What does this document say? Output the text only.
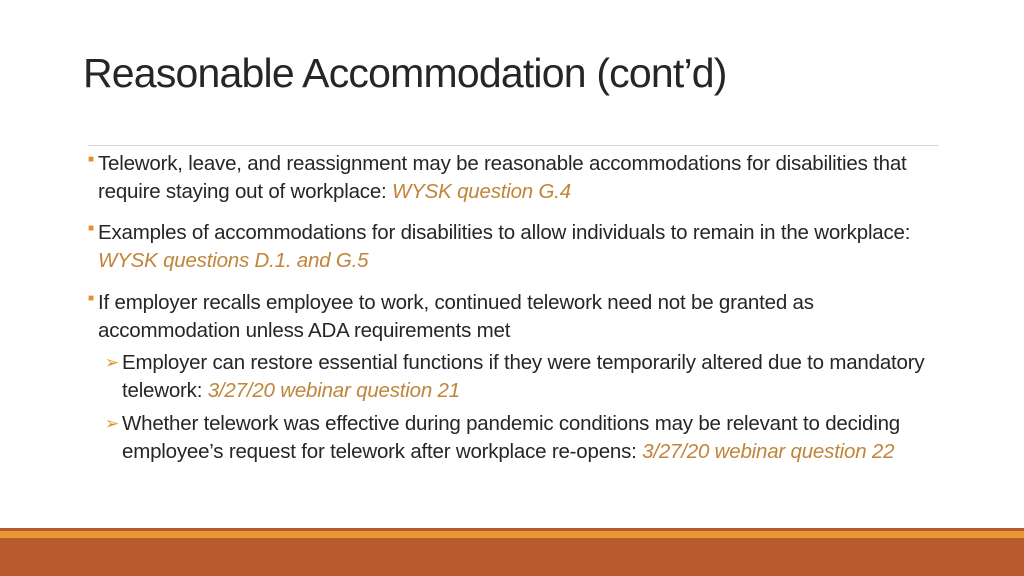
Reasonable Accommodation (cont’d)
■ Telework, leave, and reassignment may be reasonable accommodations for disabilities that require staying out of workplace: WYSK question G.4
■ Examples of accommodations for disabilities to allow individuals to remain in the workplace: WYSK questions D.1. and G.5
■ If employer recalls employee to work, continued telework need not be granted as accommodation unless ADA requirements met
➢ Employer can restore essential functions if they were temporarily altered due to mandatory telework: 3/27/20 webinar question 21
➢ Whether telework was effective during pandemic conditions may be relevant to deciding employee’s request for telework after workplace re-opens: 3/27/20 webinar question 22
